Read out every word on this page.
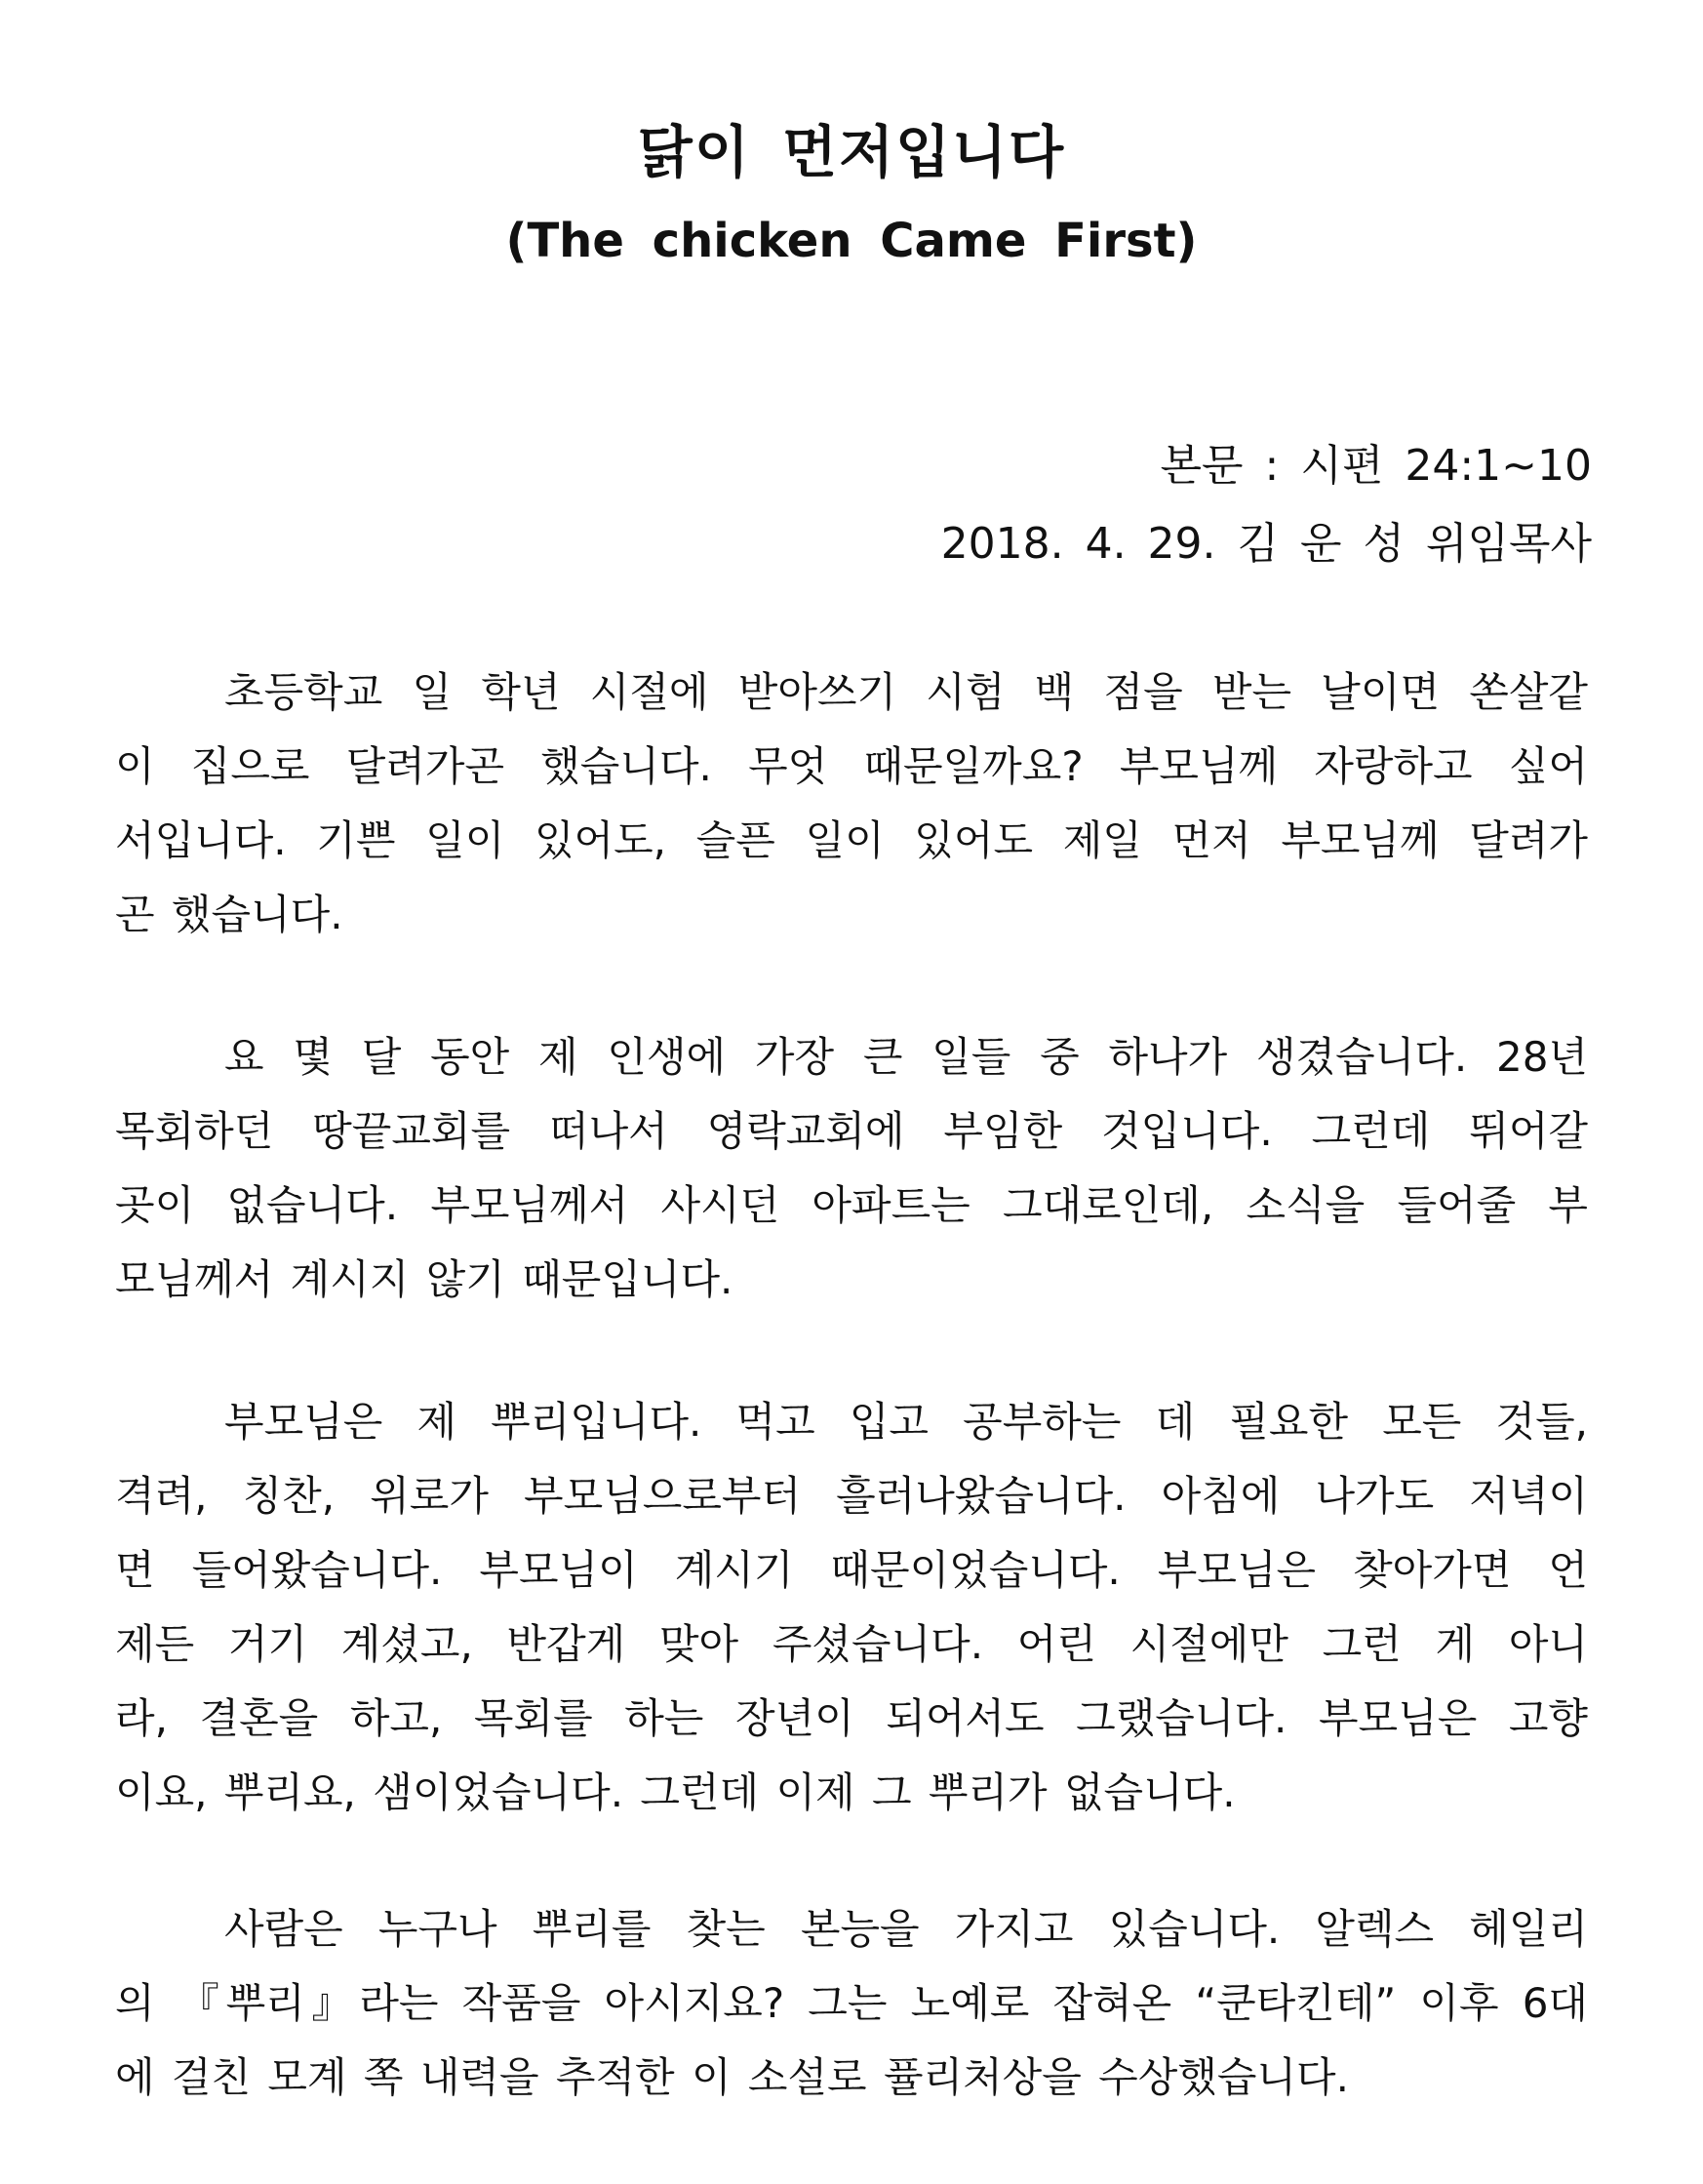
닭이 먼저입니다
(The chicken Came First)
본문 : 시편 24:1~10
2018. 4. 29. 김 운 성 위임목사
초등학교 일 학년 시절에 받아쓰기 시험 백 점을 받는 날이면 쏜살같
이 집으로 달려가곤 했습니다. 무엇 때문일까요? 부모님께 자랑하고 싶어
서입니다. 기쁜 일이 있어도, 슬픈 일이 있어도 제일 먼저 부모님께 달려가
곤 했습니다.
요 몇 달 동안 제 인생에 가장 큰 일들 중 하나가 생겼습니다. 28년
목회하던 땅끝교회를 떠나서 영락교회에 부임한 것입니다. 그런데 뛰어갈
곳이 없습니다. 부모님께서 사시던 아파트는 그대로인데, 소식을 들어줄 부
모님께서 계시지 않기 때문입니다.
부모님은 제 뿌리입니다. 먹고 입고 공부하는 데 필요한 모든 것들,
격려, 칭찬, 위로가 부모님으로부터 흘러나왔습니다. 아침에 나가도 저녁이
면 들어왔습니다. 부모님이 계시기 때문이었습니다. 부모님은 찾아가면 언
제든 거기 계셨고, 반갑게 맞아 주셨습니다. 어린 시절에만 그런 게 아니
라, 결혼을 하고, 목회를 하는 장년이 되어서도 그랬습니다. 부모님은 고향
이요, 뿌리요, 샘이었습니다. 그런데 이제 그 뿌리가 없습니다.
사람은 누구나 뿌리를 찾는 본능을 가지고 있습니다. 알렉스 헤일리
의 『뿌리』라는 작품을 아시지요? 그는 노예로 잡혀온 “쿤타킨테” 이후 6대
에 걸친 모계 쪽 내력을 추적한 이 소설로 퓰리처상을 수상했습니다.
